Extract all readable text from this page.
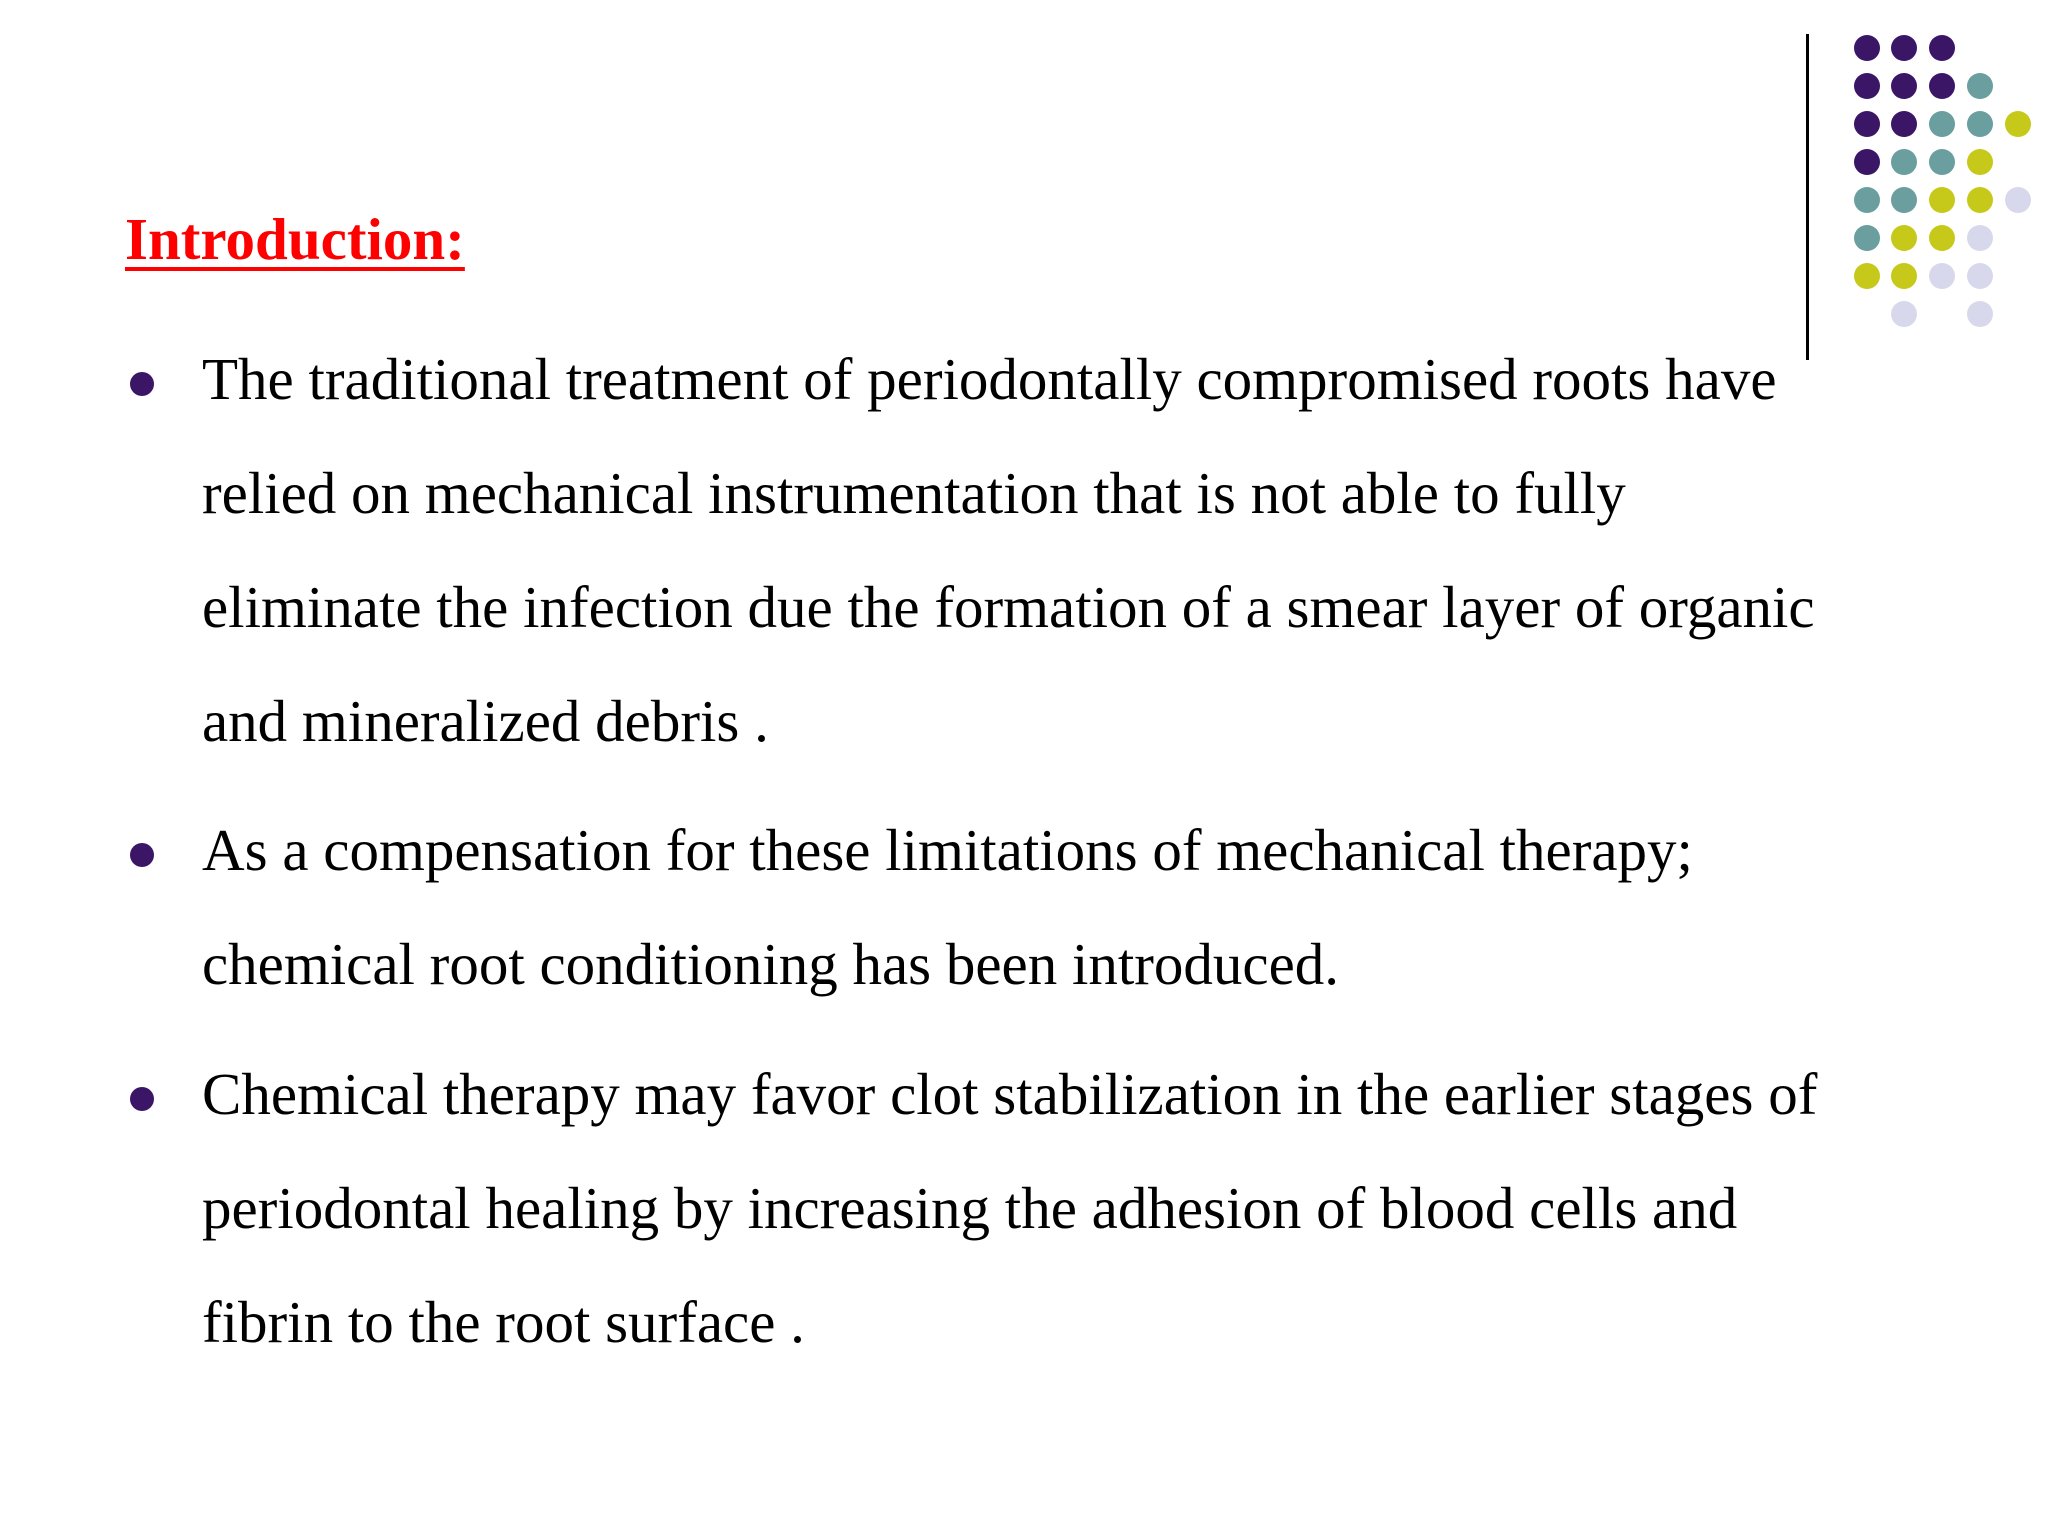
Introduction:
The traditional treatment of periodontally compromised roots have
relied on mechanical instrumentation that is not able to fully
eliminate the infection due the formation of a smear layer of organic
and mineralized debris .
As a compensation for these limitations of mechanical therapy;
chemical root conditioning has been introduced.
Chemical therapy may favor clot stabilization in the earlier stages of
periodontal healing by increasing the adhesion of blood cells and
fibrin to the root surface .
